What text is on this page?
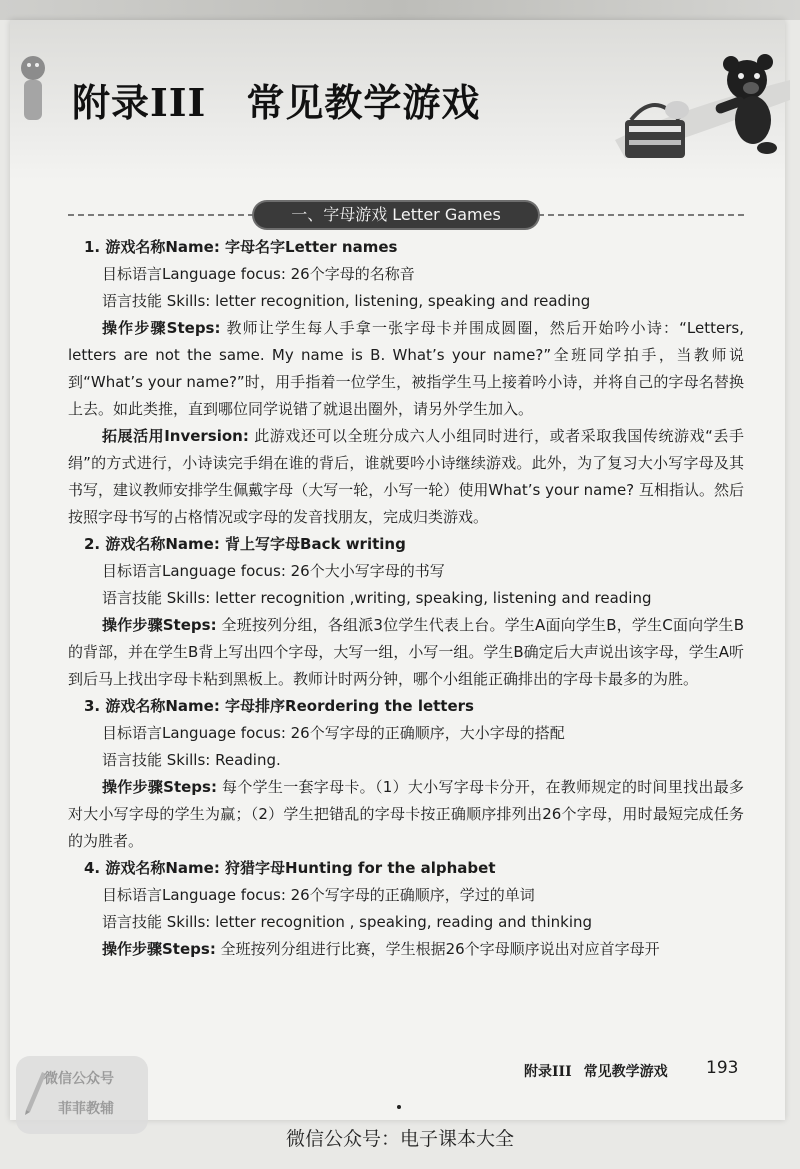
附录III 常见教学游戏
一、字母游戏 Letter Games
1. 游戏名称Name: 字母名字Letter names
目标语言Language focus: 26个字母的名称音
语言技能 Skills: letter recognition, listening, speaking and reading
操作步骤Steps: 教师让学生每人手拿一张字母卡并围成圆圈，然后开始吟小诗：“Letters, letters are not the same. My name is B. What’s your name?”全班同学拍手，当教师说到“What’s your name?”时，用手指着一位学生，被指学生马上接着吟小诗，并将自己的字母名替换上去。如此类推，直到哪位同学说错了就退出圈外，请另外学生加入。
拓展活用Inversion: 此游戏还可以全班分成六人小组同时进行，或者采取我国传统游戏“丢手绢”的方式进行，小诗读完手绢在谁的背后，谁就要吟小诗继续游戏。此外，为了复习大小写字母及其书写，建议教师安排学生佩戴字母（大写一轮，小写一轮）使用What’s your name? 互相指认。然后按照字母书写的占格情况或字母的发音找朋友，完成归类游戏。
2. 游戏名称Name: 背上写字母Back writing
目标语言Language focus: 26个大小写字母的书写
语言技能 Skills: letter recognition ,writing, speaking, listening and reading
操作步骤Steps: 全班按列分组，各组派3位学生代表上台。学生A面向学生B，学生C面向学生B的背部，并在学生B背上写出四个字母，大写一组，小写一组。学生B确定后大声说出该字母，学生A听到后马上找出字母卡粘到黑板上。教师计时两分钟，哪个小组能正确排出的字母卡最多的为胜。
3. 游戏名称Name: 字母排序Reordering the letters
目标语言Language focus: 26个写字母的正确顺序，大小字母的搭配
语言技能 Skills: Reading.
操作步骤Steps: 每个学生一套字母卡。（1）大小写字母卡分开，在教师规定的时间里找出最多对大小写字母的学生为赢；（2）学生把错乱的字母卡按正确顺序排列出26个字母，用时最短完成任务的为胜者。
4. 游戏名称Name: 狩猎字母Hunting for the alphabet
目标语言Language focus: 26个写字母的正确顺序，学过的单词
语言技能 Skills: letter recognition , speaking, reading and thinking
操作步骤Steps: 全班按列分组进行比赛，学生根据26个字母顺序说出对应首字母开
附录III 常见教学游戏 193
微信公众号
菲菲教辅
微信公众号：电子课本大全
